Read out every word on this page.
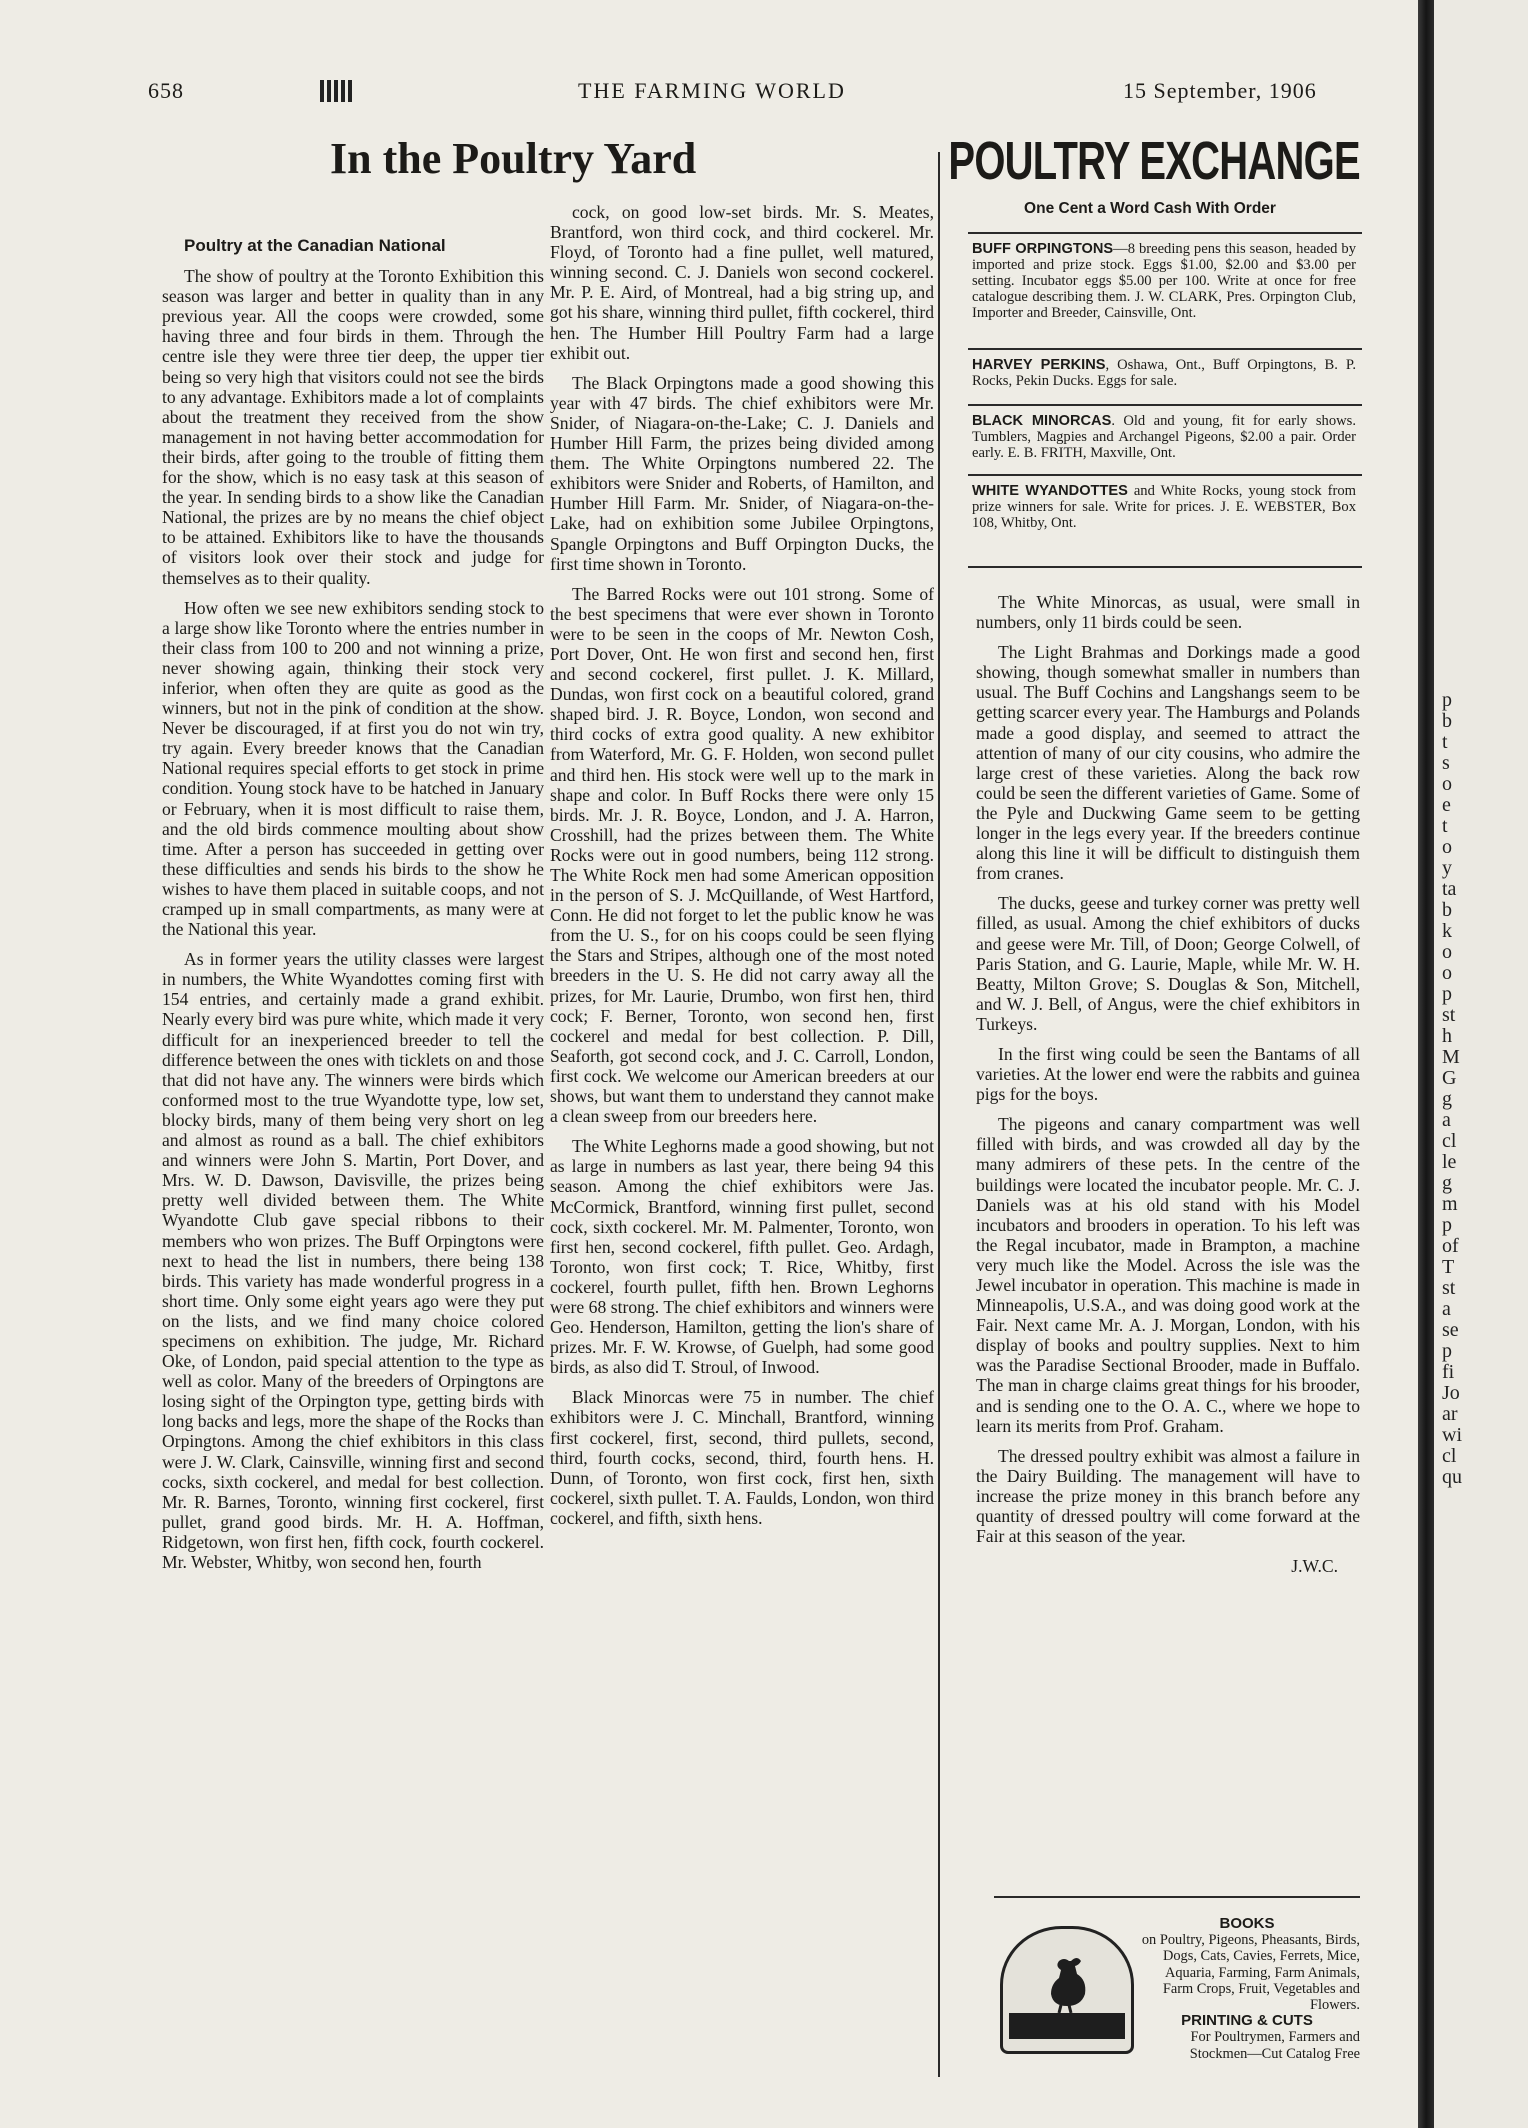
658	THE FARMING WORLD	15 September, 1906
In the Poultry Yard

Poultry at the Canadian National

The show of poultry at the Toronto Exhibition this season was larger and better in quality than in any previous year. All the coops were crowded, some having three and four birds in them. Through the centre isle they were three tier deep, the upper tier being so very high that visitors could not see the birds to any advantage. Exhibitors made a lot of complaints about the treatment they received from the show management in not having better accommodation for their birds, after going to the trouble of fitting them for the show, which is no easy task at this season of the year. In sending birds to a show like the Canadian National, the prizes are by no means the chief object to be attained. Exhibitors like to have the thousands of visitors look over their stock and judge for themselves as to their quality.

How often we see new exhibitors sending stock to a large show like Toronto where the entries number in their class from 100 to 200 and not winning a prize, never showing again, thinking their stock very inferior, when often they are quite as good as the winners, but not in the pink of condition at the show. Never be discouraged, if at first you do not win try, try again. Every breeder knows that the Canadian National requires special efforts to get stock in prime condition. Young stock have to be hatched in January or February, when it is most difficult to raise them, and the old birds commence moulting about show time. After a person has succeeded in getting over these difficulties and sends his birds to the show he wishes to have them placed in suitable coops, and not cramped up in small compartments, as many were at the National this year.

As in former years the utility classes were largest in numbers, the White Wyandottes coming first with 154 entries, and certainly made a grand exhibit. Nearly every bird was pure white, which made it very difficult for an inexperienced breeder to tell the difference between the ones with ticklets on and those that did not have any. The winners were birds which conformed most to the true Wyandotte type, low set, blocky birds, many of them being very short on leg and almost as round as a ball. The chief exhibitors and winners were John S. Martin, Port Dover, and Mrs. W. D. Dawson, Davisville, the prizes being pretty well divided between them. The White Wyandotte Club gave special ribbons to their members who won prizes. The Buff Orpingtons were next to head the list in numbers, there being 138 birds. This variety has made wonderful progress in a short time. Only some eight years ago were they put on the lists, and we find many choice colored specimens on exhibition. The judge, Mr. Richard Oke, of London, paid special attention to the type as well as color. Many of the breeders of Orpingtons are losing sight of the Orpington type, getting birds with long backs and legs, more the shape of the Rocks than Orpingtons. Among the chief exhibitors in this class were J. W. Clark, Cainsville, winning first and second cocks, sixth cockerel, and medal for best collection. Mr. R. Barnes, Toronto, winning first cockerel, first pullet, grand good birds. Mr. H. A. Hoffman, Ridgetown, won first hen, fifth cock, fourth cockerel. Mr. Webster, Whitby, won second hen, fourth

cock, on good low-set birds. Mr. S. Meates, Brantford, won third cock, and third cockerel. Mr. Floyd, of Toronto had a fine pullet, well matured, winning second. C. J. Daniels won second cockerel. Mr. P. E. Aird, of Montreal, had a big string up, and got his share, winning third pullet, fifth cockerel, third hen. The Humber Hill Poultry Farm had a large exhibit out.

The Black Orpingtons made a good showing this year with 47 birds. The chief exhibitors were Mr. Snider, of Niagara-on-the-Lake; C. J. Daniels and Humber Hill Farm, the prizes being divided among them. The White Orpingtons numbered 22. The exhibitors were Snider and Roberts, of Hamilton, and Humber Hill Farm. Mr. Snider, of Niagara-on-the-Lake, had on exhibition some Jubilee Orpingtons, Spangle Orpingtons and Buff Orpington Ducks, the first time shown in Toronto.

The Barred Rocks were out 101 strong. Some of the best specimens that were ever shown in Toronto were to be seen in the coops of Mr. Newton Cosh, Port Dover, Ont. He won first and second hen, first and second cockerel, first pullet. J. K. Millard, Dundas, won first cock on a beautiful colored, grand shaped bird. J. R. Boyce, London, won second and third cocks of extra good quality. A new exhibitor from Waterford, Mr. G. F. Holden, won second pullet and third hen. His stock were well up to the mark in shape and color. In Buff Rocks there were only 15 birds. Mr. J. R. Boyce, London, and J. A. Harron, Crosshill, had the prizes between them. The White Rocks were out in good numbers, being 112 strong. The White Rock men had some American opposition in the person of S. J. McQuillande, of West Hartford, Conn. He did not forget to let the public know he was from the U. S., for on his coops could be seen flying the Stars and Stripes, although one of the most noted breeders in the U. S. He did not carry away all the prizes, for Mr. Laurie, Drumbo, won first hen, third cock; F. Berner, Toronto, won second hen, first cockerel and medal for best collection. P. Dill, Seaforth, got second cock, and J. C. Carroll, London, first cock. We welcome our American breeders at our shows, but want them to understand they cannot make a clean sweep from our breeders here.

The White Leghorns made a good showing, but not as large in numbers as last year, there being 94 this season. Among the chief exhibitors were Jas. McCormick, Brantford, winning first pullet, second cock, sixth cockerel. Mr. M. Palmenter, Toronto, won first hen, second cockerel, fifth pullet. Geo. Ardagh, Toronto, won first cock; T. Rice, Whitby, first cockerel, fourth pullet, fifth hen. Brown Leghorns were 68 strong. The chief exhibitors and winners were Geo. Henderson, Hamilton, getting the lion's share of prizes. Mr. F. W. Krowse, of Guelph, had some good birds, as also did T. Stroul, of Inwood.

Black Minorcas were 75 in number. The chief exhibitors were J. C. Minchall, Brantford, winning first cockerel, first, second, third pullets, second, third, fourth cocks, second, third, fourth hens. H. Dunn, of Toronto, won first cock, first hen, sixth cockerel, sixth pullet. T. A. Faulds, London, won third cockerel, and fifth, sixth hens.

POULTRY EXCHANGE
One Cent a Word Cash With Order
BUFF ORPINGTONS—8 breeding pens this season, headed by imported and prize stock. Eggs $1.00, $2.00 and $3.00 per setting. Incubator eggs $5.00 per 100. Write at once for free catalogue describing them. J. W. CLARK, Pres. Orpington Club, Importer and Breeder, Cainsville, Ont.
HARVEY PERKINS, Oshawa, Ont., Buff Orpingtons, B. P. Rocks, Pekin Ducks. Eggs for sale.
BLACK MINORCAS. Old and young, fit for early shows. Tumblers, Magpies and Archangel Pigeons, $2.00 a pair. Order early. E. B. FRITH, Maxville, Ont.
WHITE WYANDOTTES and White Rocks, young stock from prize winners for sale. Write for prices. J. E. WEBSTER, Box 108, Whitby, Ont.

The White Minorcas, as usual, were small in numbers, only 11 birds could be seen.

The Light Brahmas and Dorkings made a good showing, though somewhat smaller in numbers than usual. The Buff Cochins and Langshangs seem to be getting scarcer every year. The Hamburgs and Polands made a good display, and seemed to attract the attention of many of our city cousins, who admire the large crest of these varieties. Along the back row could be seen the different varieties of Game. Some of the Pyle and Duckwing Game seem to be getting longer in the legs every year. If the breeders continue along this line it will be difficult to distinguish them from cranes.

The ducks, geese and turkey corner was pretty well filled, as usual. Among the chief exhibitors of ducks and geese were Mr. Till, of Doon; George Colwell, of Paris Station, and G. Laurie, Maple, while Mr. W. H. Beatty, Milton Grove; S. Douglas & Son, Mitchell, and W. J. Bell, of Angus, were the chief exhibitors in Turkeys.

In the first wing could be seen the Bantams of all varieties. At the lower end were the rabbits and guinea pigs for the boys.

The pigeons and canary compartment was well filled with birds, and was crowded all day by the many admirers of these pets. In the centre of the buildings were located the incubator people. Mr. C. J. Daniels was at his old stand with his Model incubators and brooders in operation. To his left was the Regal incubator, made in Brampton, a machine very much like the Model. Across the isle was the Jewel incubator in operation. This machine is made in Minneapolis, U.S.A., and was doing good work at the Fair. Next came Mr. A. J. Morgan, London, with his display of books and poultry supplies. Next to him was the Paradise Sectional Brooder, made in Buffalo. The man in charge claims great things for his brooder, and is sending one to the O. A. C., where we hope to learn its merits from Prof. Graham.

The dressed poultry exhibit was almost a failure in the Dairy Building. The management will have to increase the prize money in this branch before any quantity of dressed poultry will come forward at the Fair at this season of the year.

J.W.C.

BOOKS
on Poultry, Pigeons, Pheasants, Birds, Dogs, Cats, Cavies, Ferrets, Mice, Aquaria, Farming, Farm Animals, Farm Crops, Fruit, Vegetables and Flowers.
PRINTING & CUTS
For Poultrymen, Farmers and Stockmen—Cut Catalog Free
p
b
t
s
o
e
t
o
y
ta
b
k
o
o
p
st
h
M
G
g
a
cl
le
g
m
p
of
T
st
a
se
p
fi
Jo
ar
wi
cl
qu
